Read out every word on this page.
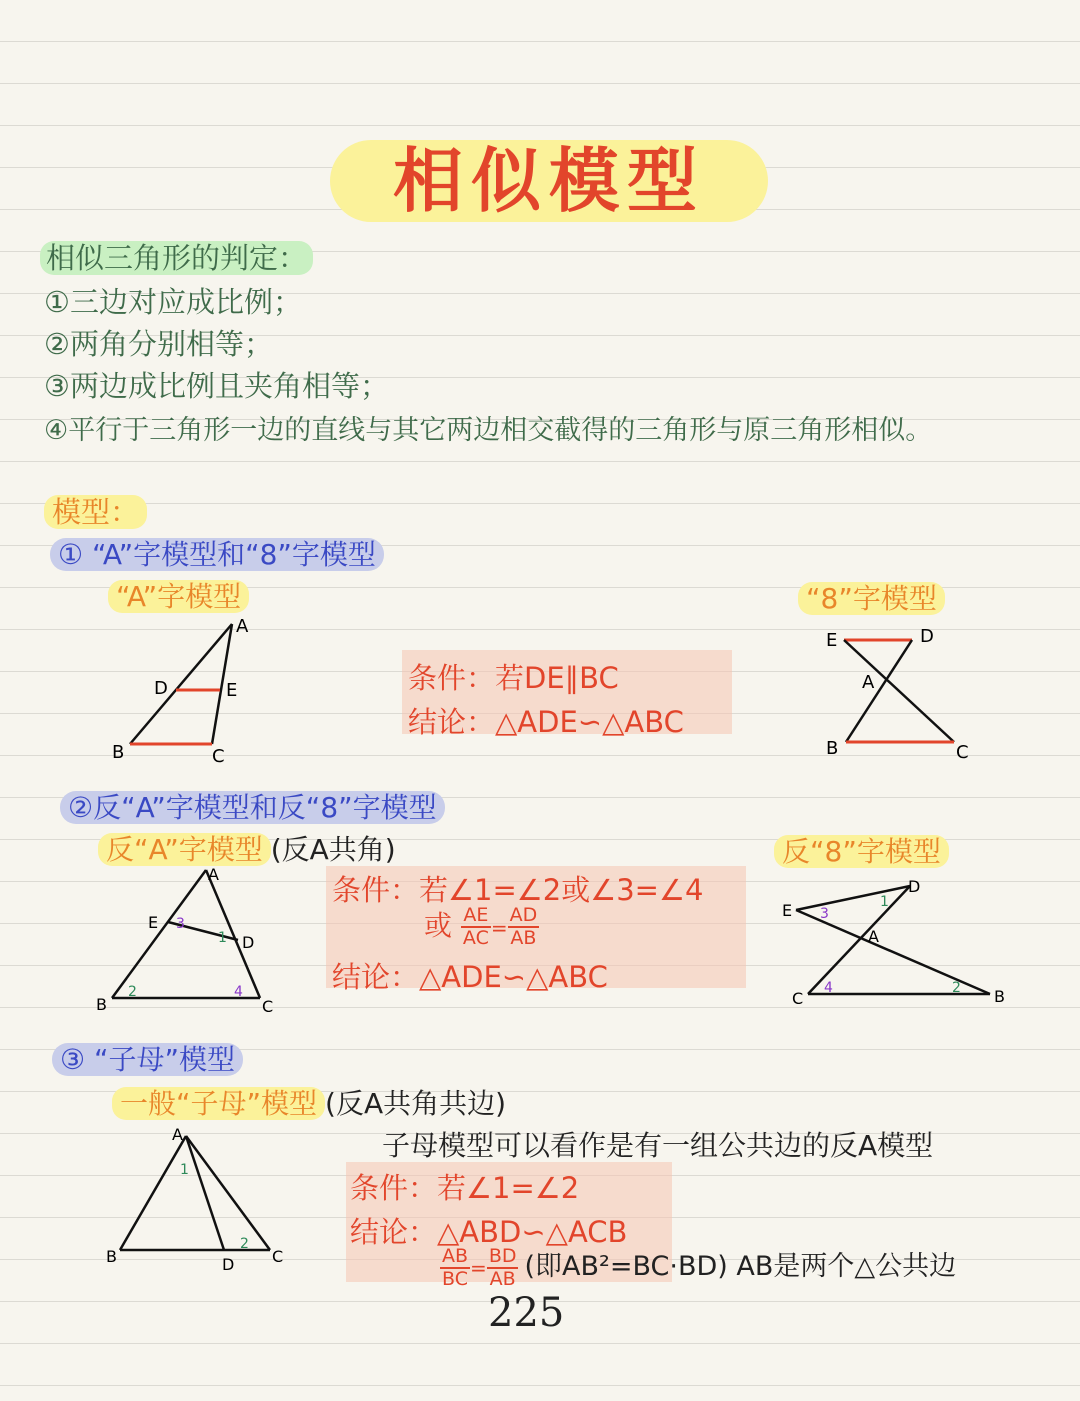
相似模型
相似三角形的判定：
①三边对应成比例；
②两角分别相等；
③两边成比例且夹角相等；
④平行于三角形一边的直线与其它两边相交截得的三角形与原三角形相似。
模型：
① “A”字模型和“8”字模型
“A”字模型	“8”字模型
A
D	E
B	C
条件：若DE∥BC
结论：△ADE∽△ABC
E	D
A
B	C
②反“A”字模型和反“8”字模型
反“A”字模型 (反A共角)	反“8”字模型
A
E
D
B	C
3
1
2	4
条件：若∠1=∠2或∠3=∠4
或 $\frac{AE}{AC} = \frac{AD}{AB}$
结论：△ADE∽△ABC
E
D
A
C	B
1
3
4	2
③ “子母”模型
一般“子母”模型 (反A共角共边)
子母模型可以看作是有一组公共边的反A模型
A
B	D C
1
2
条件：若∠1=∠2
结论：△ABD∽△ACB
$\frac{AB}{BC} = \frac{BD}{AB}$ (即AB²=BC·BD) AB是两个△公共边
225
